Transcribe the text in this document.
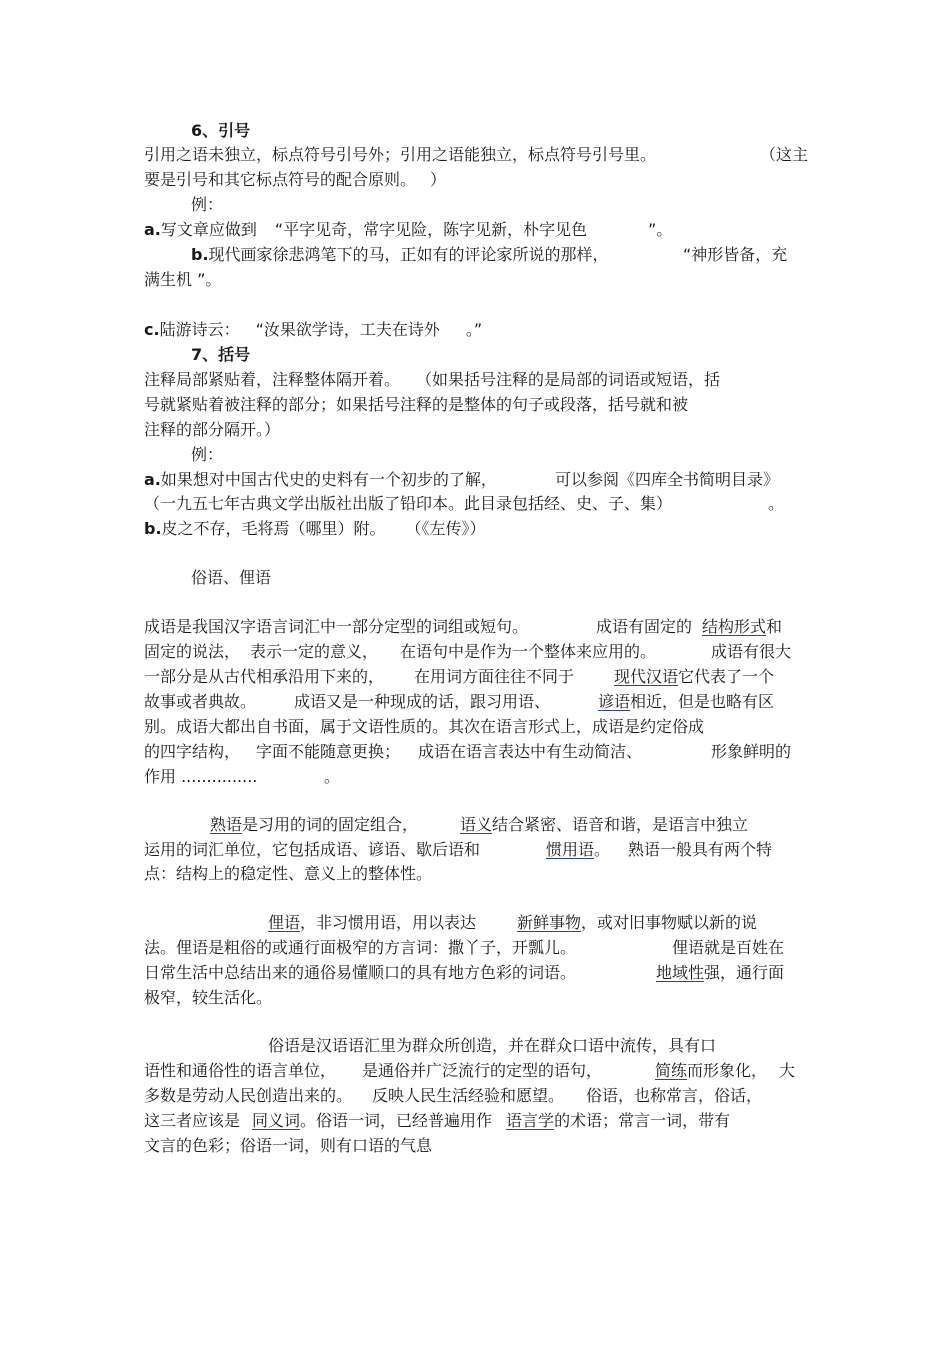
6、引号
引用之语未独立，标点符号引号外；引用之语能独立，标点符号引号里。	（这主
要是引号和其它标点符号的配合原则。 ）
例：
a.写文章应做到 “平字见奇，常字见险，陈字见新，朴字见色	”。
b.现代画家徐悲鸿笔下的马，正如有的评论家所说的那样，	“神形皆备，充
满生机 ”。
c.陆游诗云： “汝果欲学诗，工夫在诗外 。”
7、括号
注释局部紧贴着，注释整体隔开着。 （如果括号注释的是局部的词语或短语，括
号就紧贴着被注释的部分；如果括号注释的是整体的句子或段落，括号就和被
注释的部分隔开。）
例：
a.如果想对中国古代史的史料有一个初步的了解，	可以参阅《四库全书简明目录》
（一九五七年古典文学出版社出版了铅印本。此目录包括经、史、子、集）	。
b.皮之不存，毛将焉（哪里）附。 （《左传》）
俗语、俚语
成语是我国汉字语言词汇中一部分定型的词组或短句。	成语有固定的 结构形式和
固定的说法， 表示一定的意义， 在语句中是作为一个整体来应用的。	成语有很大
一部分是从古代相承沿用下来的， 在用词方面往往不同于 现代汉语它代表了一个
故事或者典故。 成语又是一种现成的话，跟习用语、	谚语相近，但是也略有区
别。成语大都出自书面，属于文语性质的。其次在语言形式上，成语是约定俗成
的四字结构， 字面不能随意更换； 成语在语言表达中有生动简洁、	形象鲜明的
作用 ...............	。
熟语是习用的词的固定组合，	语义结合紧密、语音和谐，是语言中独立
运用的词汇单位，它包括成语、谚语、歇后语和	惯用语。 熟语一般具有两个特
点：结构上的稳定性、意义上的整体性。
俚语，非习惯用语，用以表达	新鲜事物，或对旧事物赋以新的说
法。俚语是粗俗的或通行面极窄的方言词：撒丫子，开瓢儿。	俚语就是百姓在
日常生活中总结出来的通俗易懂顺口的具有地方色彩的词语。	地域性强，通行面
极窄，较生活化。
俗语是汉语语汇里为群众所创造，并在群众口语中流传，具有口
语性和通俗性的语言单位， 是通俗并广泛流行的定型的语句，	简练而形象化， 大
多数是劳动人民创造出来的。 反映人民生活经验和愿望。 俗语，也称常言，俗话，
这三者应该是 同义词。俗语一词，已经普遍用作 语言学的术语；常言一词，带有
文言的色彩；俗语一词，则有口语的气息
